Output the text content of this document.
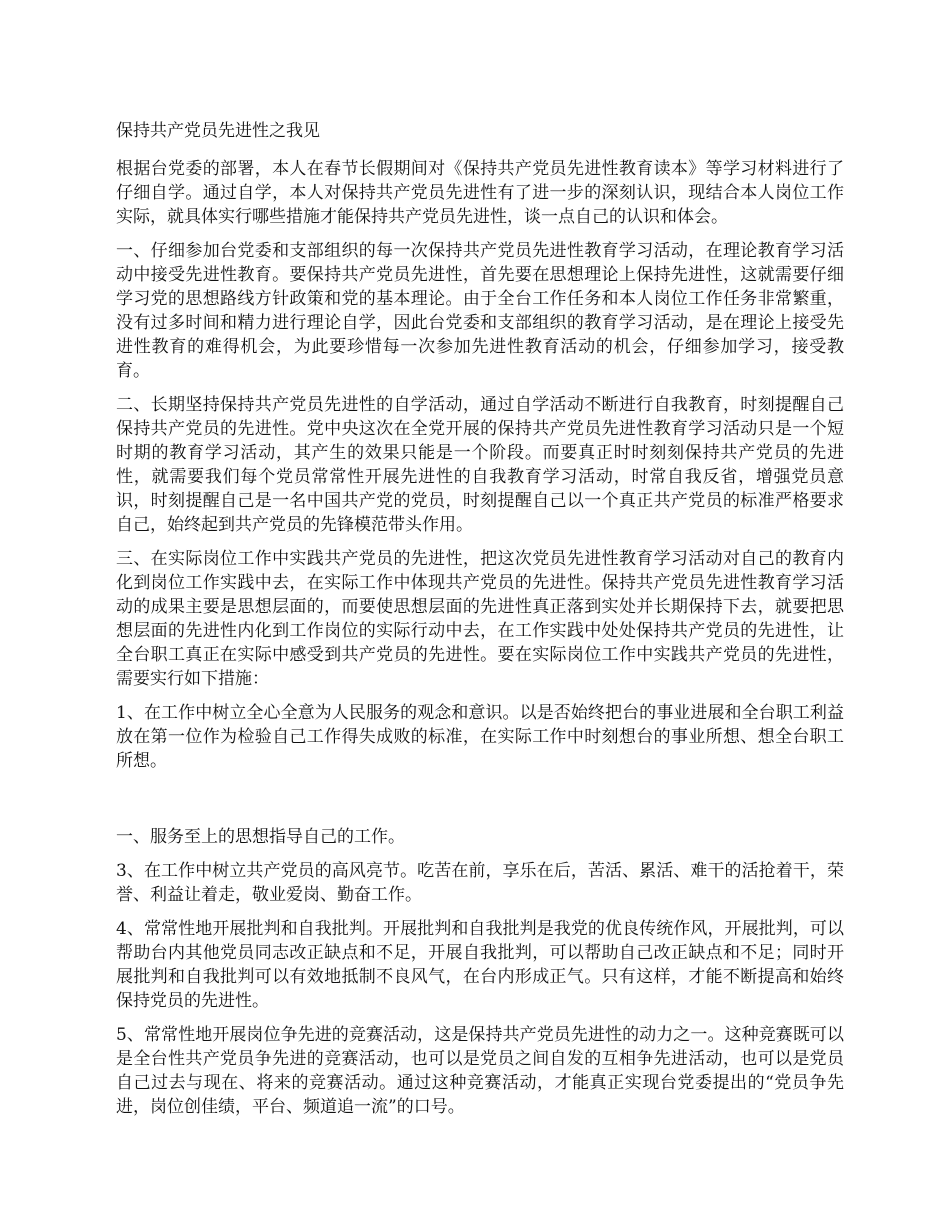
保持共产党员先进性之我见

根据台党委的部署，本人在春节长假期间对《保持共产党员先进性教育读本》等学习材料进行了仔细自学。通过自学，本人对保持共产党员先进性有了进一步的深刻认识，现结合本人岗位工作实际，就具体实行哪些措施才能保持共产党员先进性，谈一点自己的认识和体会。

一、仔细参加台党委和支部组织的每一次保持共产党员先进性教育学习活动，在理论教育学习活动中接受先进性教育。要保持共产党员先进性，首先要在思想理论上保持先进性，这就需要仔细学习党的思想路线方针政策和党的基本理论。由于全台工作任务和本人岗位工作任务非常繁重，没有过多时间和精力进行理论自学，因此台党委和支部组织的教育学习活动，是在理论上接受先进性教育的难得机会，为此要珍惜每一次参加先进性教育活动的机会，仔细参加学习，接受教育。

二、长期坚持保持共产党员先进性的自学活动，通过自学活动不断进行自我教育，时刻提醒自己保持共产党员的先进性。党中央这次在全党开展的保持共产党员先进性教育学习活动只是一个短时期的教育学习活动，其产生的效果只能是一个阶段。而要真正时时刻刻保持共产党员的先进性，就需要我们每个党员常常性开展先进性的自我教育学习活动，时常自我反省，增强党员意识，时刻提醒自己是一名中国共产党的党员，时刻提醒自己以一个真正共产党员的标准严格要求自己，始终起到共产党员的先锋模范带头作用。

三、在实际岗位工作中实践共产党员的先进性，把这次党员先进性教育学习活动对自己的教育内化到岗位工作实践中去，在实际工作中体现共产党员的先进性。保持共产党员先进性教育学习活动的成果主要是思想层面的，而要使思想层面的先进性真正落到实处并长期保持下去，就要把思想层面的先进性内化到工作岗位的实际行动中去，在工作实践中处处保持共产党员的先进性，让全台职工真正在实际中感受到共产党员的先进性。要在实际岗位工作中实践共产党员的先进性，需要实行如下措施：

1、在工作中树立全心全意为人民服务的观念和意识。以是否始终把台的事业进展和全台职工利益放在第一位作为检验自己工作得失成败的标准，在实际工作中时刻想台的事业所想、想全台职工所想。

一、服务至上的思想指导自己的工作。

3、在工作中树立共产党员的高风亮节。吃苦在前，享乐在后，苦活、累活、难干的活抢着干，荣誉、利益让着走，敬业爱岗、勤奋工作。

4、常常性地开展批判和自我批判。开展批判和自我批判是我党的优良传统作风，开展批判，可以帮助台内其他党员同志改正缺点和不足，开展自我批判，可以帮助自己改正缺点和不足；同时开展批判和自我批判可以有效地抵制不良风气，在台内形成正气。只有这样，才能不断提高和始终保持党员的先进性。

5、常常性地开展岗位争先进的竞赛活动，这是保持共产党员先进性的动力之一。这种竞赛既可以是全台性共产党员争先进的竞赛活动，也可以是党员之间自发的互相争先进活动，也可以是党员自己过去与现在、将来的竞赛活动。通过这种竞赛活动，才能真正实现台党委提出的“党员争先进，岗位创佳绩，平台、频道追一流”的口号。
